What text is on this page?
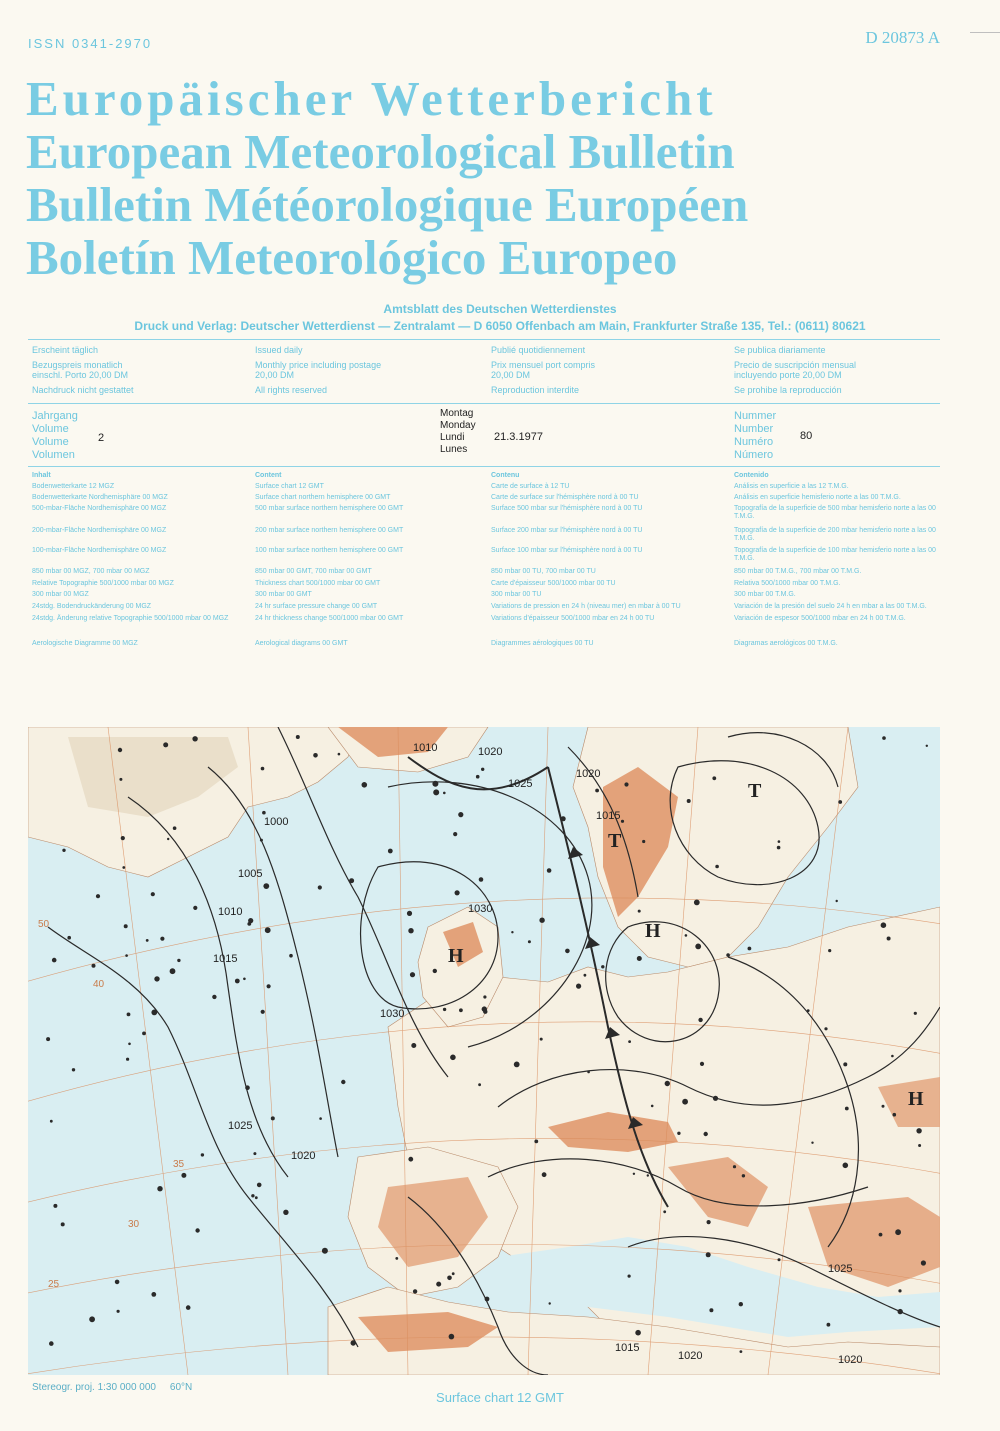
ISSN 0341-2970	D 20873 A
Europäischer Wetterbericht
European Meteorological Bulletin
Bulletin Météorologique Européen
Boletín Meteorológico Europeo
Amtsblatt des Deutschen Wetterdienstes
Druck und Verlag: Deutscher Wetterdienst — Zentralamt — D 6050 Offenbach am Main, Frankfurter Straße 135, Tel.: (0611) 80621
Erscheint täglich
Bezugspreis monatlich einschl. Porto 20,00 DM
Nachdruck nicht gestattet
Issued daily
Monthly price including postage 20,00 DM
All rights reserved
Publié quotidiennement
Prix mensuel port compris 20,00 DM
Reproduction interdite
Se publica diariamente
Precio de suscripción mensual incluyendo porte 20,00 DM
Se prohibe la reproducción
Jahrgang
Volume
Volume
Volumen
2
Montag
Monday
Lundi
Lunes
21.3.1977
Nummer
Number
Numéro
Número
80
Inhalt
Bodenwetterkarte 12 MGZ
Bodenwetterkarte Nordhemisphäre 00 MGZ
500-mbar-Fläche Nordhemisphäre 00 MGZ
200-mbar-Fläche Nordhemisphäre 00 MGZ
100-mbar-Fläche Nordhemisphäre 00 MGZ
850 mbar 00 MGZ, 700 mbar 00 MGZ
Relative Topographie 500/1000 mbar 00 MGZ
300 mbar 00 MGZ
24stdg. Bodendruckänderung 00 MGZ
24stdg. Änderung relative Topographie 500/1000 mbar 00 MGZ
Aerologische Diagramme 00 MGZ
Content
Surface chart 12 GMT
Surface chart northern hemisphere 00 GMT
500 mbar surface northern hemisphere 00 GMT
200 mbar surface northern hemisphere 00 GMT
100 mbar surface northern hemisphere 00 GMT
850 mbar 00 GMT, 700 mbar 00 GMT
Thickness chart 500/1000 mbar 00 GMT
300 mbar 00 GMT
24 hr surface pressure change 00 GMT
24 hr thickness change 500/1000 mbar 00 GMT
Aerological diagrams 00 GMT
Contenu
Carte de surface à 12 TU
Carte de surface sur l'hémisphère nord à 00 TU
Surface 500 mbar sur l'hémisphère nord à 00 TU
Surface 200 mbar sur l'hémisphère nord à 00 TU
Surface 100 mbar sur l'hémisphère nord à 00 TU
850 mbar 00 TU, 700 mbar 00 TU
Carte d'épaisseur 500/1000 mbar 00 TU
300 mbar 00 TU
Variations de pression en 24 h (niveau mer) en mbar à 00 TU
Variations d'épaisseur 500/1000 mbar en 24 h 00 TU
Diagrammes aérologiques 00 TU
Contenido
Análisis en superficie a las 12 T.M.G.
Análisis en superficie hemisferio norte a las 00 T.M.G.
Topografía de la superficie de 500 mbar hemisferio norte a las 00 T.M.G.
Topografía de la superficie de 200 mbar hemisferio norte a las 00 T.M.G.
Topografía de la superficie de 100 mbar hemisferio norte a las 00 T.M.G.
850 mbar 00 T.M.G., 700 mbar 00 T.M.G.
Relativa 500/1000 mbar 00 T.M.G.
300 mbar 00 T.M.G.
Variación de la presión del suelo 24 h en mbar a las 00 T.M.G.
Variación de espesor 500/1000 mbar en 24 h 00 T.M.G.
Diagramas aerológicos 00 T.M.G.
1010	1020
1025
1005
1000
1010
1015
1030
1030
1020
1025
1020
1015
1015
1020
1025
1020
50
40
35
30
25
H
H
H
T
T
Stereogr. proj. 1:30 000 000 60°N
Surface chart 12 GMT
